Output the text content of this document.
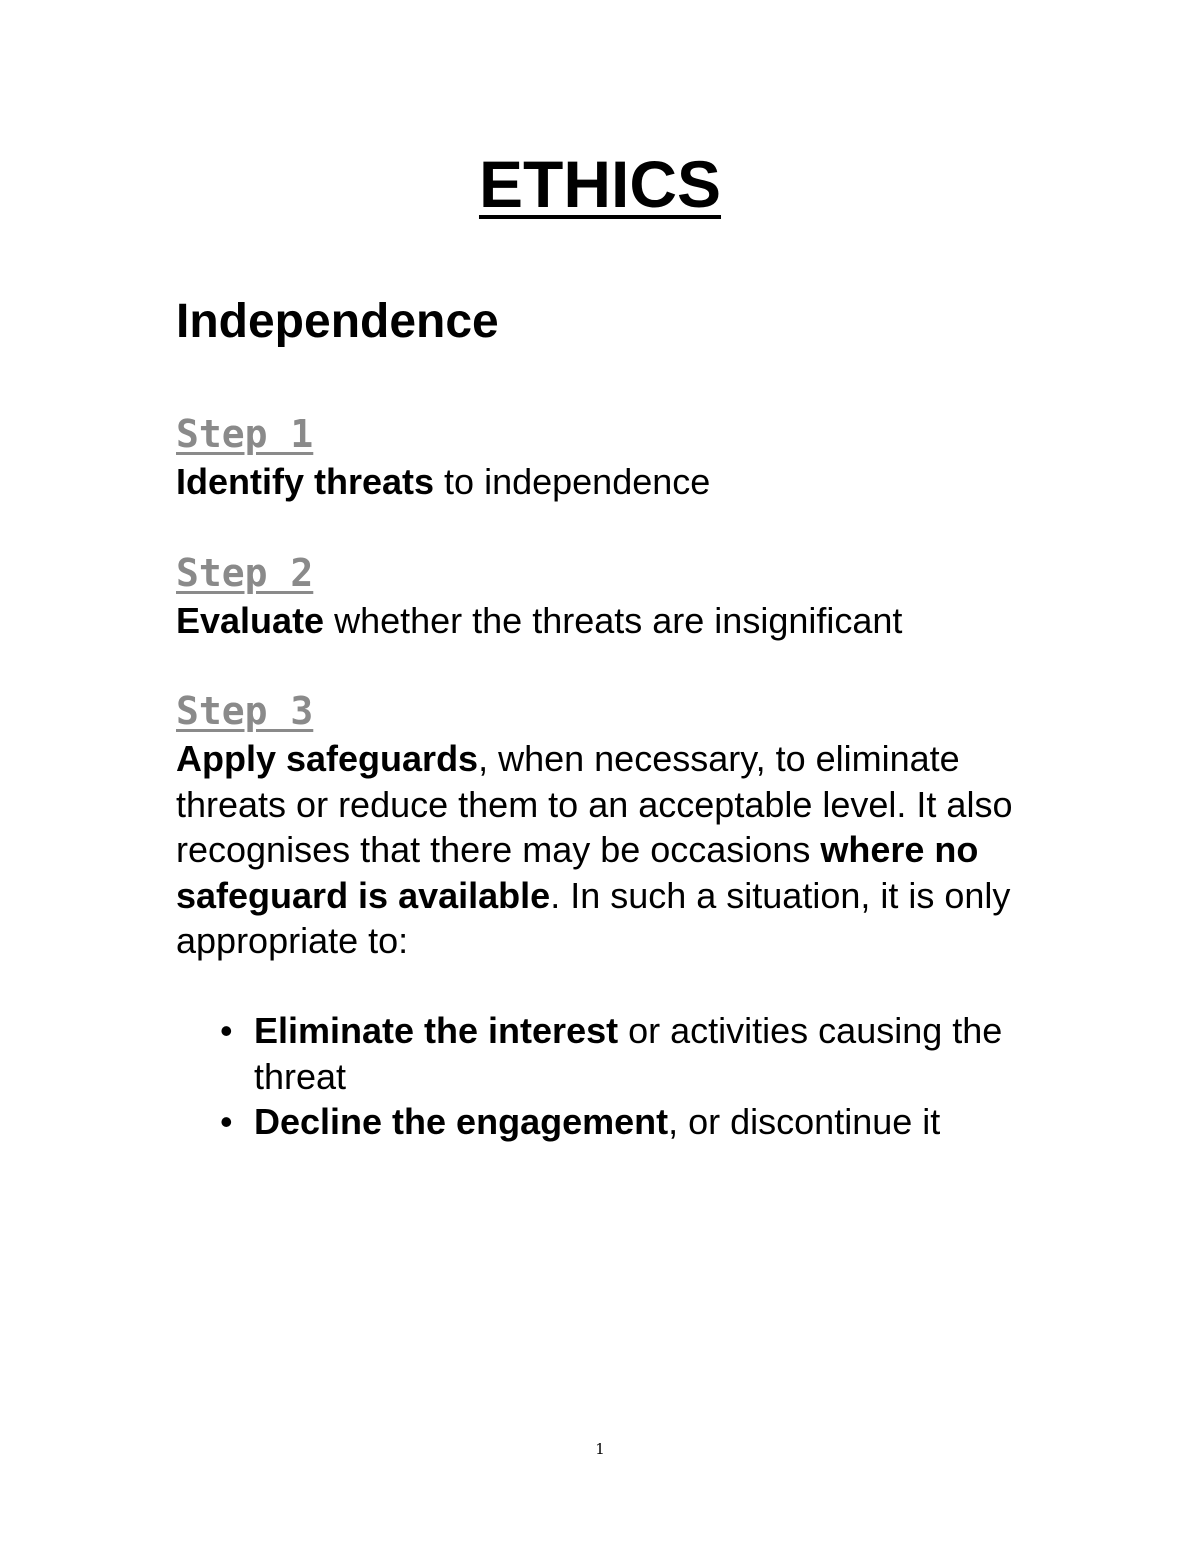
ETHICS
Independence
Step 1

Identify threats to independence

Step 2

Evaluate whether the threats are insignificant

Step 3

Apply safeguards, when necessary, to eliminate threats or reduce them to an acceptable level. It also recognises that there may be occasions where no safeguard is available. In such a situation, it is only appropriate to:

• Eliminate the interest or activities causing the threat
• Decline the engagement, or discontinue it
1
